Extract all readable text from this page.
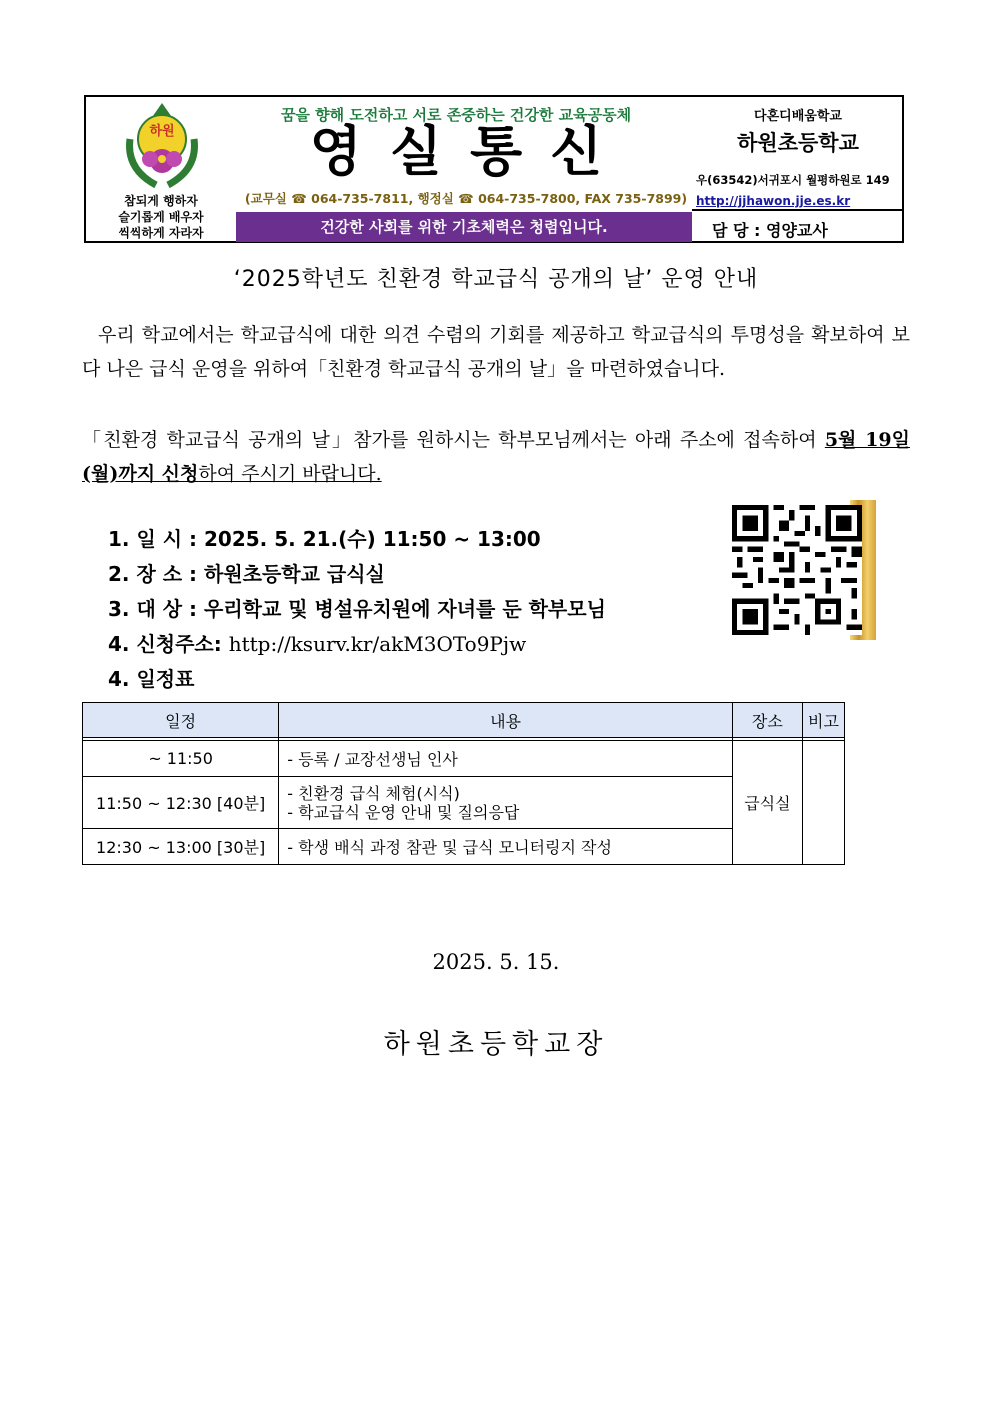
하원
참되게 행하자
슬기롭게 배우자
씩씩하게 자라자
꿈을 향해 도전하고 서로 존중하는 건강한 교육공동체
영실통신
(교무실 ☎ 064-735-7811, 행정실 ☎ 064-735-7800, FAX 735-7899)
건강한 사회를 위한 기초체력은 청렴입니다.
다혼디배움학교
하원초등학교
우(63542)서귀포시 월평하원로 149
http://jjhawon.jje.es.kr
담 당 : 영양교사
‘2025학년도 친환경 학교급식 공개의 날’ 운영 안내
우리 학교에서는 학교급식에 대한 의견 수렴의 기회를 제공하고 학교급식의 투명성을 확보하여 보다 나은 급식 운영을 위하여「친환경 학교급식 공개의 날」을 마련하였습니다.
「친환경 학교급식 공개의 날」참가를 원하시는 학부모님께서는 아래 주소에 접속하여 5월 19일(월)까지 신청하여 주시기 바랍니다.
1. 일 시 : 2025. 5. 21.(수) 11:50 ~ 13:00
2. 장 소 : 하원초등학교 급식실
3. 대 상 : 우리학교 및 병설유치원에 자녀를 둔 학부모님
4. 신청주소: http://ksurv.kr/akM3OTo9Pjw
4. 일정표
일정	내용	장소	비고

~ 11:50	- 등록 / 교장선생님 인사	급식실	
11:50 ~ 12:30 [40분]	- 친환경 급식 체험(시식)
- 학교급식 운영 안내 및 질의응답		

12:30 ~ 13:00 [30분]	- 학생 배식 과정 참관 및 급식 모니터링지 작성		
2025. 5. 15.
하원초등학교장
